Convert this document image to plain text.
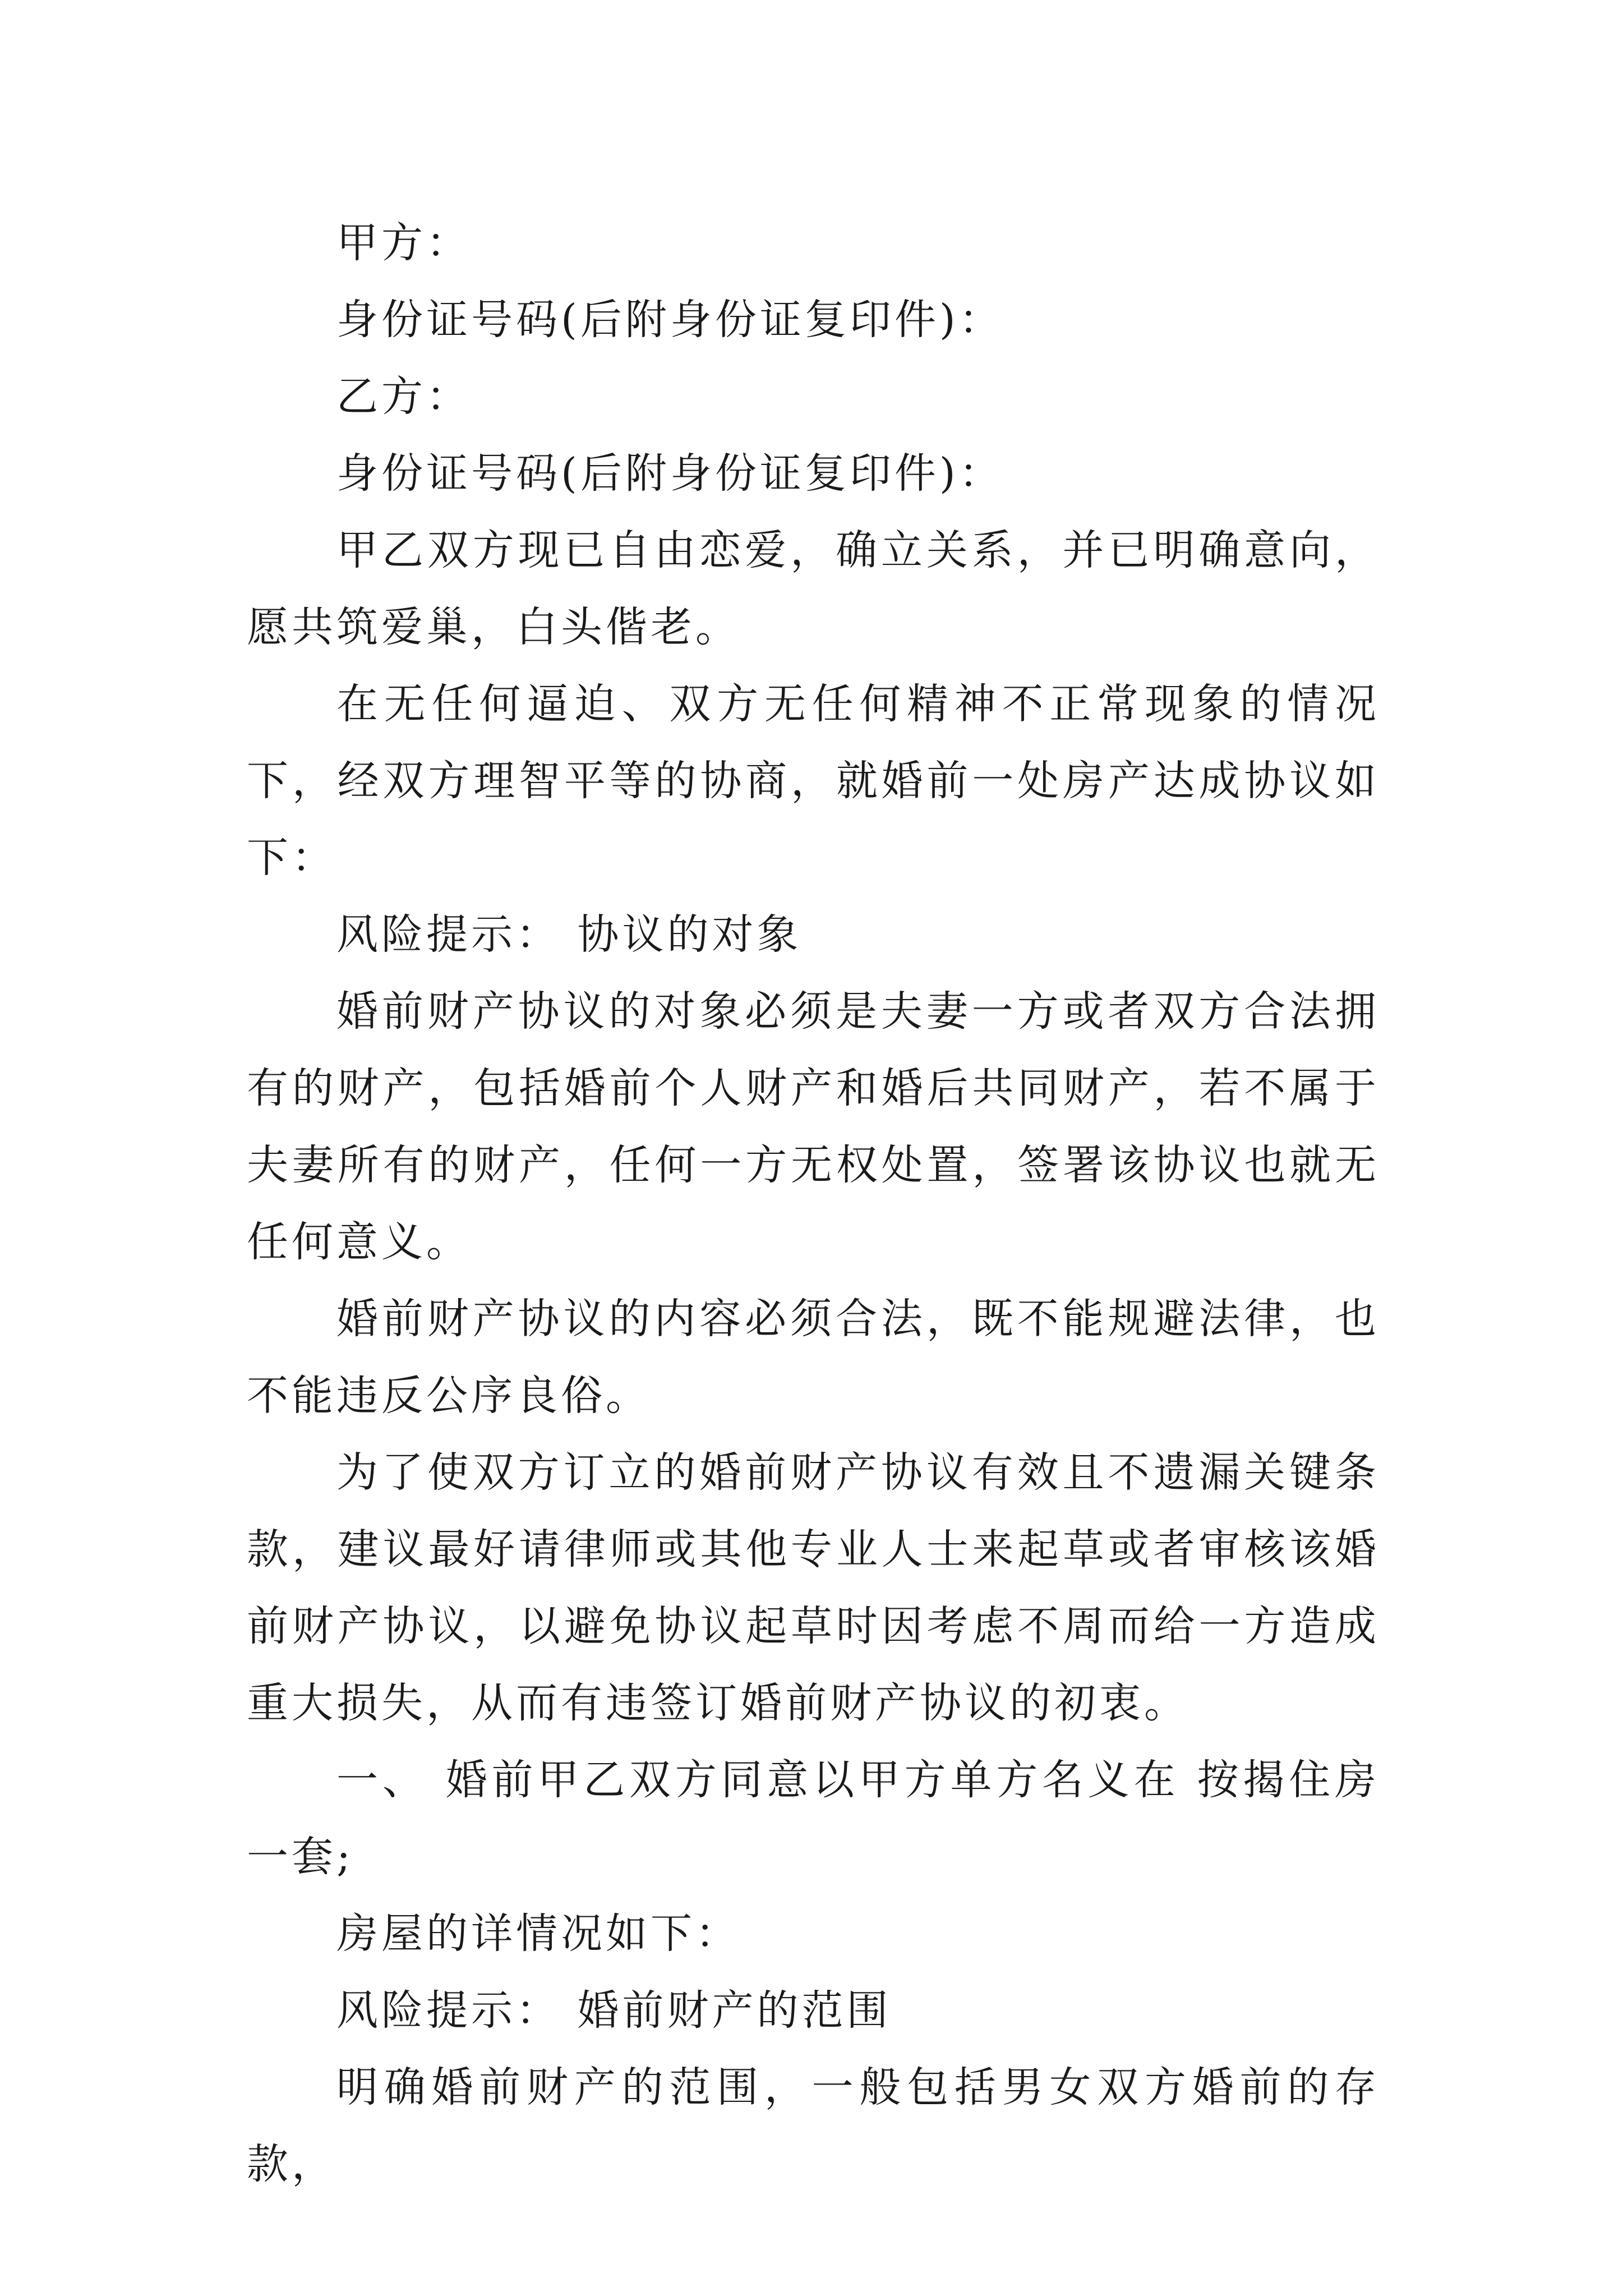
甲方：

身份证号码(后附身份证复印件)：

乙方：

身份证号码(后附身份证复印件)：

甲乙双方现已自由恋爱，确立关系，并已明确意向，愿共筑爱巢，白头偕老。

在无任何逼迫、双方无任何精神不正常现象的情况下，经双方理智平等的协商，就婚前一处房产达成协议如下：

风险提示： 协议的对象

婚前财产协议的对象必须是夫妻一方或者双方合法拥有的财产，包括婚前个人财产和婚后共同财产，若不属于夫妻所有的财产，任何一方无权处置，签署该协议也就无任何意义。

婚前财产协议的内容必须合法，既不能规避法律，也不能违反公序良俗。

为了使双方订立的婚前财产协议有效且不遗漏关键条款，建议最好请律师或其他专业人士来起草或者审核该婚前财产协议，以避免协议起草时因考虑不周而给一方造成重大损失，从而有违签订婚前财产协议的初衷。

一、 婚前甲乙双方同意以甲方单方名义在 按揭住房一套;

房屋的详情况如下：

风险提示： 婚前财产的范围

明确婚前财产的范围，一般包括男女双方婚前的存款，
